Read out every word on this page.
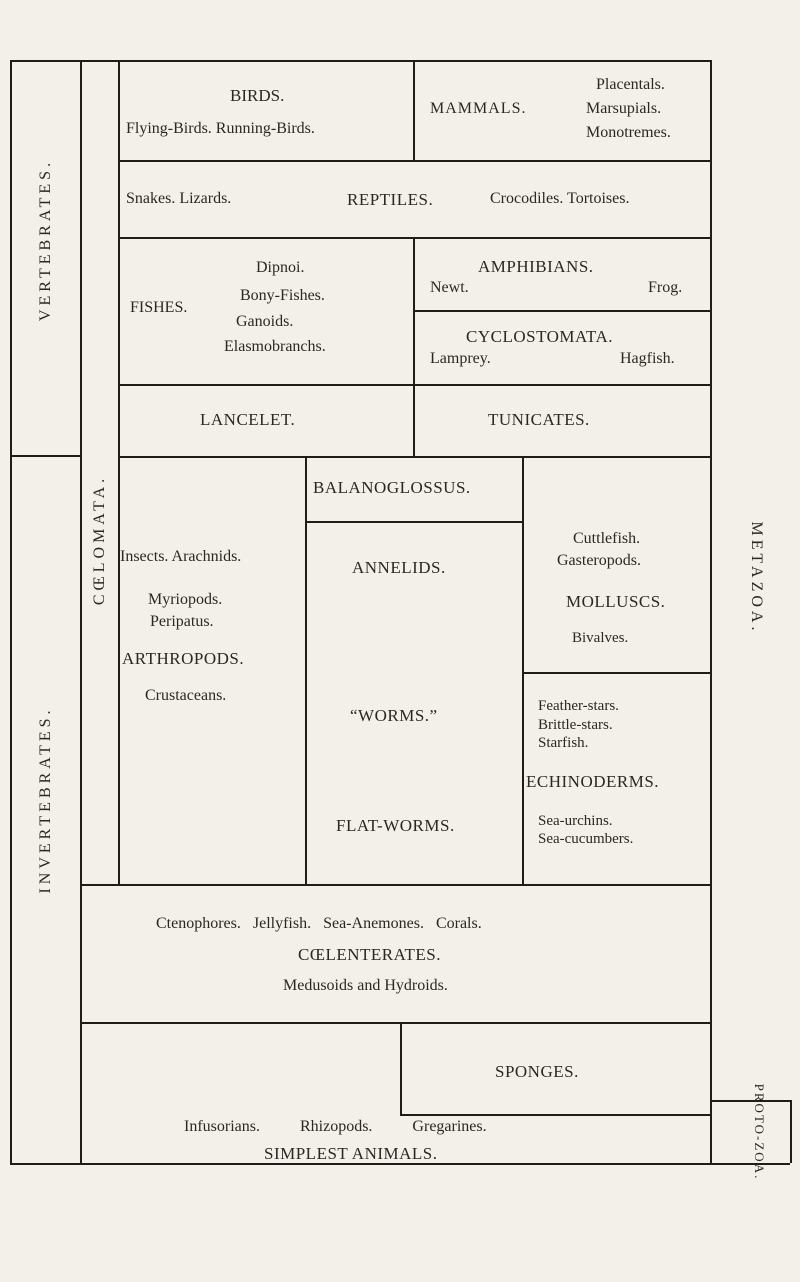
VERTEBRATES.
INVERTEBRATES.
CŒLOMATA.	METAZOA.
PROTO-ZOA.
BIRDS.
Flying-Birds. Running-Birds.
MAMMALS.
Placentals.
Marsupials.
Monotremes.
Snakes. Lizards.	REPTILES.	Crocodiles. Tortoises.
Dipnoi.
FISHES.
Bony-Fishes.
Ganoids.
Elasmobranchs.
AMPHIBIANS.
Newt.	Frog.
CYCLOSTOMATA.
Lamprey.	Hagfish.
LANCELET.	TUNICATES.
Insects. Arachnids.
Myriopods.
Peripatus.
ARTHROPODS.
Crustaceans.
BALANOGLOSSUS.
ANNELIDS.
“WORMS.”
FLAT-WORMS.
Cuttlefish.
Gasteropods.
MOLLUSCS.
Bivalves.
Feather-stars.
Brittle-stars.
Starfish.
ECHINODERMS.
Sea-urchins.
Sea-cucumbers.
Ctenophores.   Jellyfish.   Sea-Anemones.   Corals.
CŒLENTERATES.
Medusoids and Hydroids.
SPONGES.
Infusorians.          Rhizopods.          Gregarines.
SIMPLEST ANIMALS.
